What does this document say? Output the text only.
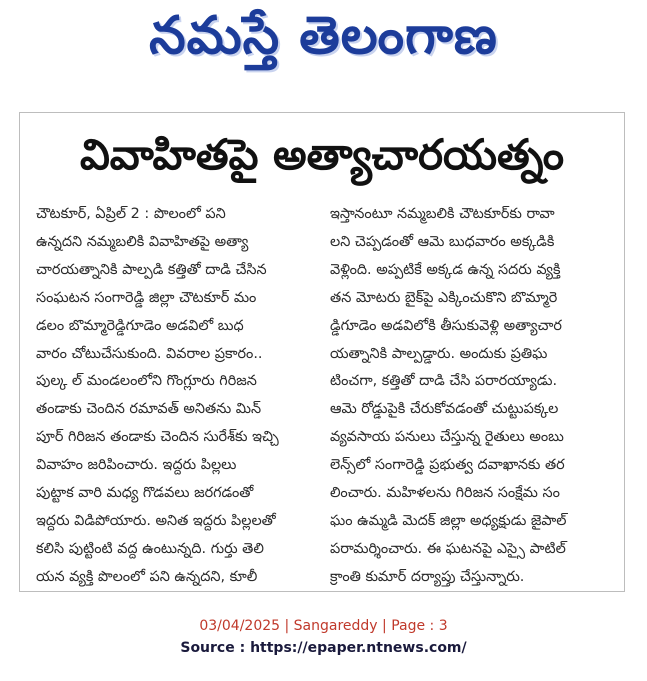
నమస్తే తెలంగాణ
వివాహితపై అత్యాచారయత్నం
చౌటకూర్, ఏప్రిల్ 2 : పొలంలో పని
ఉన్నదని నమ్మబలికి వివాహితపై అత్యా
చారయత్నానికి పాల్పడి కత్తితో దాడి చేసిన
సంఘటన సంగారెడ్డి జిల్లా చౌటకూర్ మం
డలం బొమ్మారెడ్డిగూడెం అడవిలో బుధ
వారం చోటుచేసుకుంది. వివరాల ప్రకారం..
పుల్క ల్ మండలంలోని గొంగ్లూరు గిరిజన
తండాకు చెందిన రమావత్ అనితను మిన్
పూర్ గిరిజన తండాకు చెందిన సురేశ్‌కు ఇచ్చి
వివాహం జరిపించారు. ఇద్దరు పిల్లలు
పుట్టాక వారి మధ్య గొడవలు జరగడంతో
ఇద్దరు విడిపోయారు. అనిత ఇద్దరు పిల్లలతో
కలిసి పుట్టింటి వద్ద ఉంటున్నది. గుర్తు తెలి
యన వ్యక్తి పొలంలో పని ఉన్నదని, కూలీ
ఇస్తానంటూ నమ్మబలికి చౌటకూర్‌కు రావా
లని చెప్పడంతో ఆమె బుధవారం అక్కడికి
వెళ్లింది. అప్పటికే అక్కడ ఉన్న సదరు వ్యక్తి
తన మోటరు బైక్‌పై ఎక్కించుకొని బొమ్మారె
డ్డిగూడెం అడవిలోకి తీసుకువెళ్లి అత్యాచార
యత్నానికి పాల్పడ్డారు. అందుకు ప్రతిఘ
టించగా, కత్తితో దాడి చేసి పరారయ్యాడు.
ఆమె రోడ్డుపైకి చేరుకోవడంతో చుట్టుపక్కల
వ్యవసాయ పనులు చేస్తున్న రైతులు అంబు
లెన్స్‌లో సంగారెడ్డి ప్రభుత్వ దవాఖానకు తర
లించారు. మహిళలను గిరిజన సంక్షేమ సం
ఘం ఉమ్మడి మెదక్ జిల్లా అధ్యక్షుడు జైపాల్
పరామర్శించారు. ఈ ఘటనపై ఎస్సై పాటిల్
క్రాంతి కుమార్ దర్యాప్తు చేస్తున్నారు.
03/04/2025 | Sangareddy | Page : 3
Source : https://epaper.ntnews.com/
